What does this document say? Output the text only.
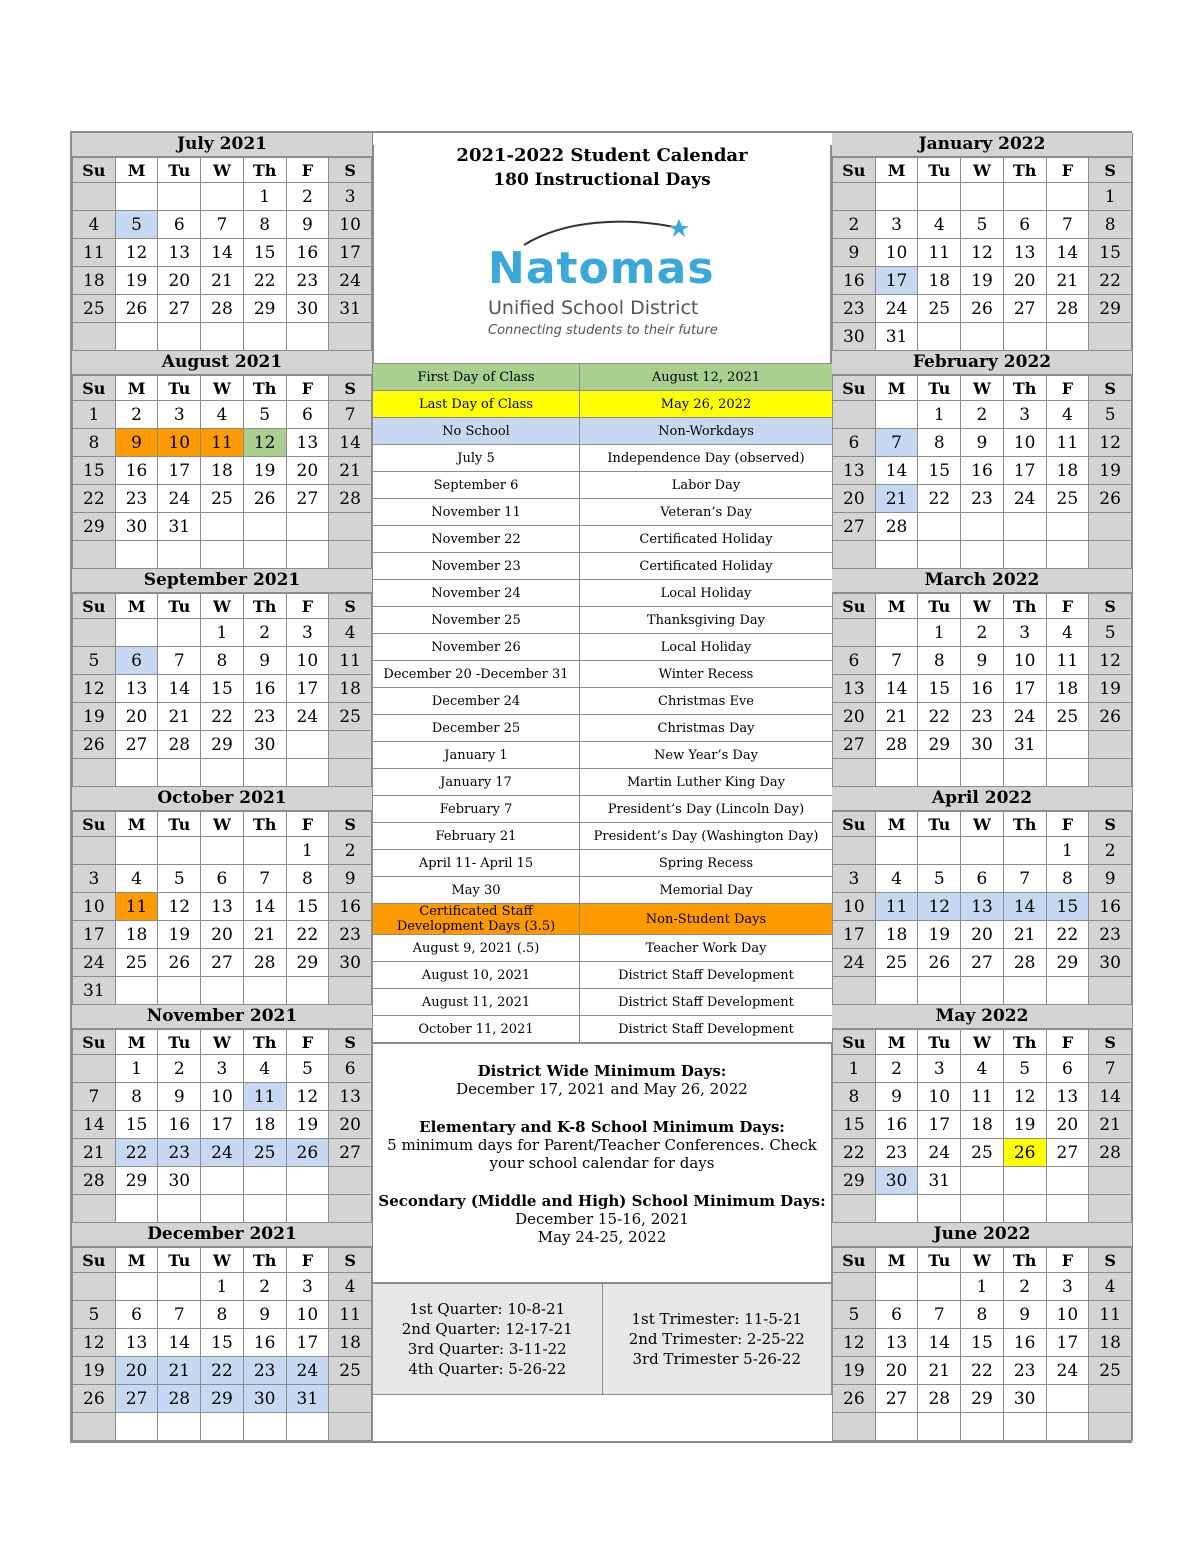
July 2021
Su	M	Tu	W	Th	F	S
				1	2	3
4	5	6	7	8	9	10
11	12	13	14	15	16	17
18	19	20	21	22	23	24
25	26	27	28	29	30	31

August 2021
Su	M	Tu	W	Th	F	S
1	2	3	4	5	6	7
8	9	10	11	12	13	14
15	16	17	18	19	20	21
22	23	24	25	26	27	28
29	30	31				

September 2021
Su	M	Tu	W	Th	F	S
			1	2	3	4
5	6	7	8	9	10	11
12	13	14	15	16	17	18
19	20	21	22	23	24	25
26	27	28	29	30		

October 2021
Su	M	Tu	W	Th	F	S
					1	2
3	4	5	6	7	8	9
10	11	12	13	14	15	16
17	18	19	20	21	22	23
24	25	26	27	28	29	30
31						
November 2021
Su	M	Tu	W	Th	F	S
	1	2	3	4	5	6
7	8	9	10	11	12	13
14	15	16	17	18	19	20
21	22	23	24	25	26	27
28	29	30				

December 2021
Su	M	Tu	W	Th	F	S
			1	2	3	4
5	6	7	8	9	10	11
12	13	14	15	16	17	18
19	20	21	22	23	24	25
26	27	28	29	30	31	

2021-2022 Student Calendar
180 Instructional Days
Natomas
Unified School District
Connecting students to their future
First Day of Class	August 12, 2021
Last Day of Class	May 26, 2022
No School	Non-Workdays
July 5	Independence Day (observed)
September 6	Labor Day
November 11	Veteran’s Day
November 22	Certificated Holiday
November 23	Certificated Holiday
November 24	Local Holiday
November 25	Thanksgiving Day
November 26	Local Holiday
December 20 -December 31	Winter Recess
December 24	Christmas Eve
December 25	Christmas Day
January 1	New Year’s Day
January 17	Martin Luther King Day
February 7	President’s Day (Lincoln Day)
February 21	President’s Day (Washington Day)
April 11- April 15	Spring Recess
May 30	Memorial Day
Certificated Staff Development Days (3.5)	Non-Student Days
August 9, 2021 (.5)	Teacher Work Day
August 10, 2021	District Staff Development
August 11, 2021	District Staff Development
October 11, 2021	District Staff Development

District Wide Minimum Days:
December 17, 2021 and May 26, 2022

Elementary and K-8 School Minimum Days:
5 minimum days for Parent/Teacher Conferences. Check your school calendar for days

Secondary (Middle and High) School Minimum Days:
December 15-16, 2021
May 24-25, 2022

1st Quarter: 10-8-21
2nd Quarter: 12-17-21
3rd Quarter: 3-11-22
4th Quarter: 5-26-22
1st Trimester: 11-5-21
2nd Trimester: 2-25-22
3rd Trimester 5-26-22
January 2022
Su	M	Tu	W	Th	F	S
						1
2	3	4	5	6	7	8
9	10	11	12	13	14	15
16	17	18	19	20	21	22
23	24	25	26	27	28	29
30	31					
February 2022
Su	M	Tu	W	Th	F	S
		1	2	3	4	5
6	7	8	9	10	11	12
13	14	15	16	17	18	19
20	21	22	23	24	25	26
27	28					

March 2022
Su	M	Tu	W	Th	F	S
		1	2	3	4	5
6	7	8	9	10	11	12
13	14	15	16	17	18	19
20	21	22	23	24	25	26
27	28	29	30	31		

April 2022
Su	M	Tu	W	Th	F	S
					1	2
3	4	5	6	7	8	9
10	11	12	13	14	15	16
17	18	19	20	21	22	23
24	25	26	27	28	29	30

May 2022
Su	M	Tu	W	Th	F	S
1	2	3	4	5	6	7
8	9	10	11	12	13	14
15	16	17	18	19	20	21
22	23	24	25	26	27	28
29	30	31				

June 2022
Su	M	Tu	W	Th	F	S
			1	2	3	4
5	6	7	8	9	10	11
12	13	14	15	16	17	18
19	20	21	22	23	24	25
26	27	28	29	30		
